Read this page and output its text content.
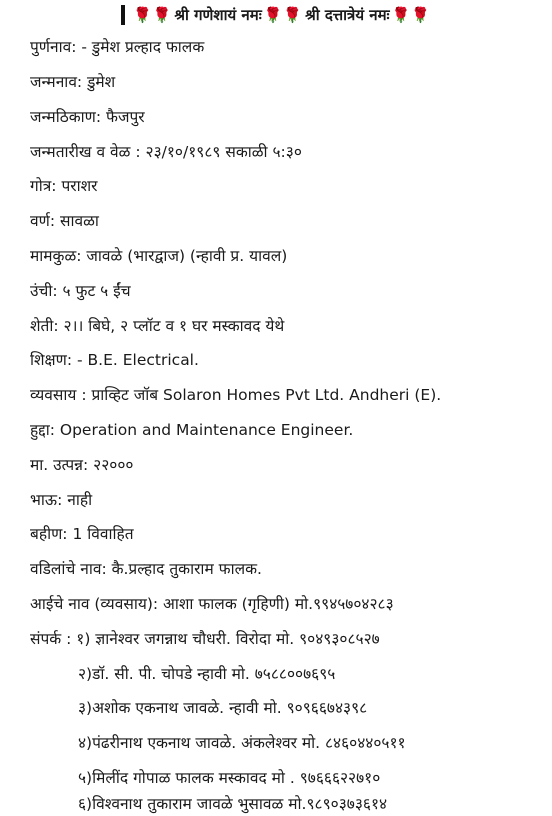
🌹 🌹 श्री गणेशायं नमः 🌹 🌹 श्री दत्तात्रेयं नमः 🌹 🌹
पुर्णनाव: - डुमेश प्रल्हाद फालक
जन्मनाव: डुमेश
जन्मठिकाण: फैजपुर
जन्मतारीख व वेळ : २३/१०/१९८९ सकाळी ५:३०
गोत्र: पराशर
वर्ण: सावळा
मामकुळ: जावळे (भारद्वाज) (न्हावी प्र. यावल)
उंची: ५ फुट ५ ईंच
शेती: २।। बिघे, २ प्लॉट व १ घर मस्कावद येथे
शिक्षण: - B.E. Electrical.
व्यवसाय : प्राव्हिट जॉब Solaron Homes Pvt Ltd. Andheri (E).
हुद्दा: Operation and Maintenance Engineer.
मा. उत्पन्न: २२०००
भाऊ: नाही
बहीण: 1 विवाहित
वडिलांचे नाव: कै.प्रल्हाद तुकाराम फालक.
आईचे नाव (व्यवसाय): आशा फालक (गृहिणी) मो.९९४५७०४२८३
संपर्क : १) ज्ञानेश्वर जगन्नाथ चौधरी. विरोदा मो. ९०४९३०८५२७
२)डॉ. सी. पी. चोपडे न्हावी मो. ७५८८००७६९५
३)अशोक एकनाथ जावळे. न्हावी मो. ९०९६६७४३९८
४)पंढरीनाथ एकनाथ जावळे. अंकलेश्वर मो. ८४६०४४०५११
५)मिलींद गोपाळ फालक मस्कावद मो . ९७६६६२२७१०
६)विश्वनाथ तुकाराम जावळे भुसावळ मो.९८९०३७३६१४
